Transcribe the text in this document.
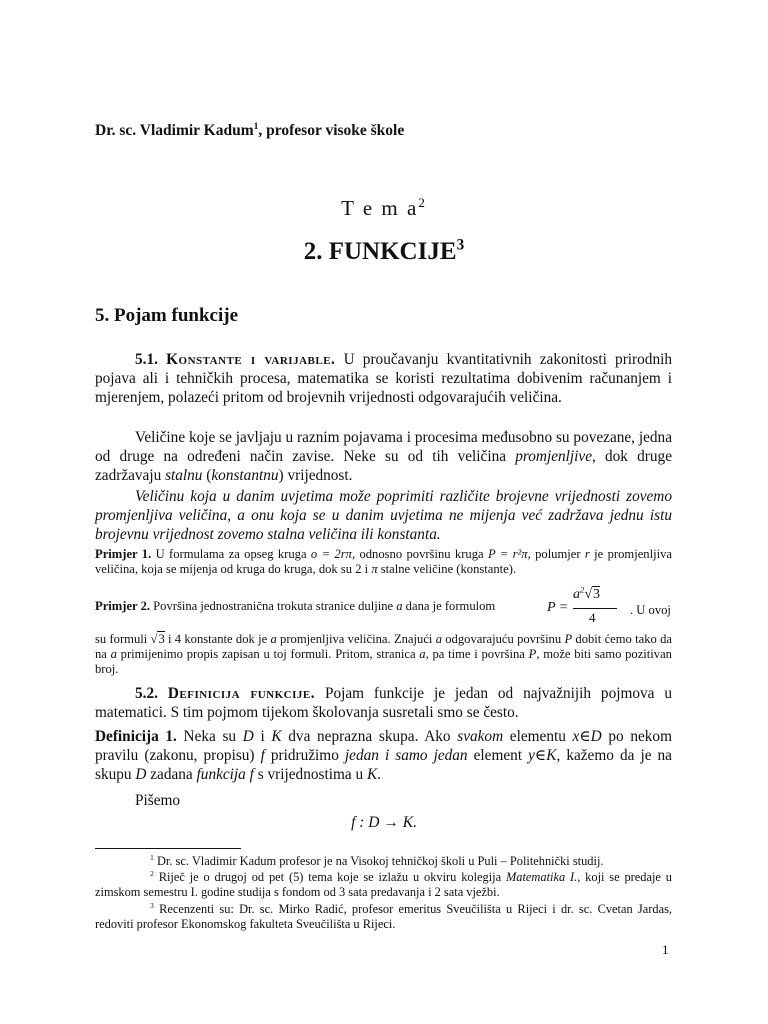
Dr. sc. Vladimir Kadum$^1$, profesor visoke škole
T e m $a^2$
2. FUNKCIJE$^3$
5. Pojam funkcije

5.1. Konstante i varijable. U proučavanju kvantitativnih zakonitosti prirodnih pojava ali i tehničkih procesa, matematika se koristi rezultatima dobivenim računanjem i mjerenjem, polazeći pritom od brojevnih vrijednosti odgovarajućih veličina.

Veličine koje se javljaju u raznim pojavama i procesima međusobno su povezane, jedna od druge na određeni način zavise. Neke su od tih veličina promjenljive, dok druge zadržavaju stalnu (konstantnu) vrijednost.

Veličinu koja u danim uvjetima može poprimiti različite brojevne vrijednosti zovemo promjenljiva veličina, a onu koja se u danim uvjetima ne mijenja već zadržava jednu istu brojevnu vrijednost zovemo stalna veličina ili konstanta.

Primjer 1. U formulama za opseg kruga o = 2rπ, odnosno površinu kruga P = r²π, polumjer r je promjenljiva veličina, koja se mijenja od kruga do kruga, dok su 2 i π stalne veličine (konstante).

Primjer 2. Površina jednostranična trokuta stranice duljine a dana je formulom	P =
$a^2√3$
4	. U ovoj

su formuli √3 i 4 konstante dok je a promjenljiva veličina. Znajući a odgovarajuću površinu P dobit ćemo tako da na a primijenimo propis zapisan u toj formuli. Pritom, stranica a, pa time i površina P, može biti samo pozitivan broj.

5.2. Definicija funkcije. Pojam funkcije je jedan od najvažnijih pojmova u matematici. S tim pojmom tijekom školovanja susretali smo se često.

Definicija 1. Neka su D i K dva neprazna skupa. Ako svakom elementu x∈D po nekom pravilu (zakonu, propisu) f pridružimo jedan i samo jedan element y∈K, kažemo da je na skupu D zadana funkcija f s vrijednostima u K.

Pišemo
f : D → K.

$^1$ Dr. sc. Vladimir Kadum profesor je na Visokoj tehničkoj školi u Puli – Politehnički studij.

$^2$ Riječ je o drugoj od pet (5) tema koje se izlažu u okviru kolegija Matematika I., koji se predaje u zimskom semestru I. godine studija s fondom od 3 sata predavanja i 2 sata vježbi.

$^3$ Recenzenti su: Dr. sc. Mirko Radić, profesor emeritus Sveučilišta u Rijeci i dr. sc. Cvetan Jardas, redoviti profesor Ekonomskog fakulteta Sveučilišta u Rijeci.

1
